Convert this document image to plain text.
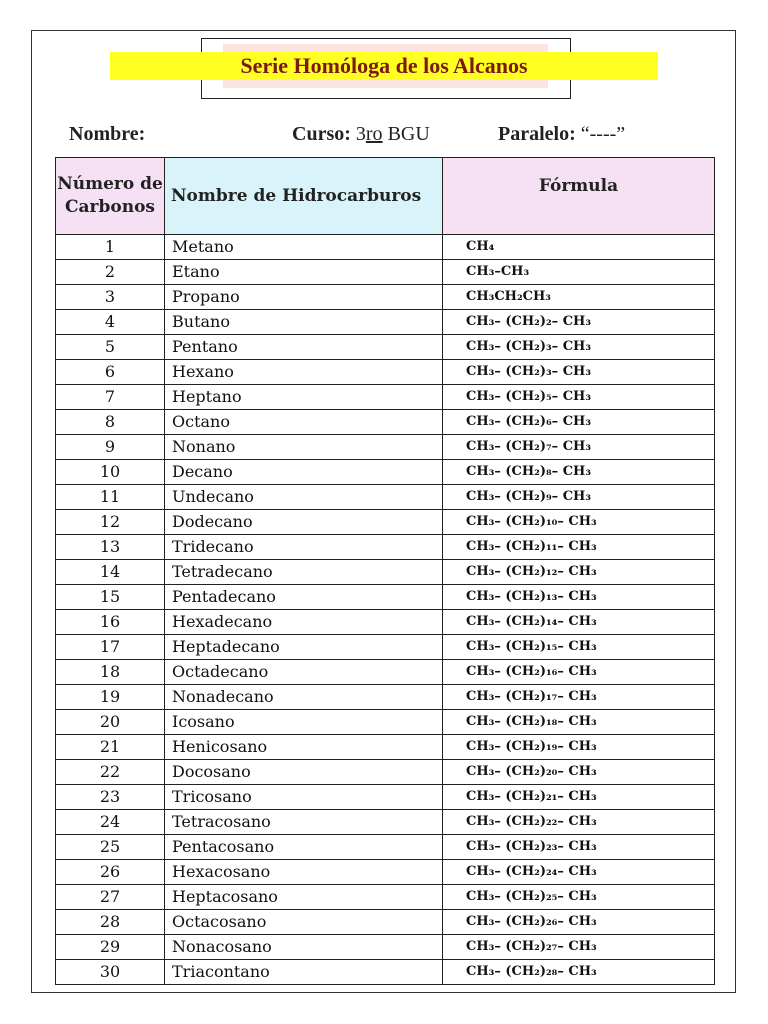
Serie Homóloga de los Alcanos
Nombre:	Curso: 3ro BGU	Paralelo: “----”
Número de Carbonos	Nombre de Hidrocarburos	Fórmula
1	Metano	CH₄
2	Etano	CH₃–CH₃
3	Propano	CH₃CH₂CH₃
4	Butano	CH₃– (CH₂)₂– CH₃
5	Pentano	CH₃– (CH₂)₃– CH₃
6	Hexano	CH₃– (CH₂)₃– CH₃
7	Heptano	CH₃– (CH₂)₅– CH₃
8	Octano	CH₃– (CH₂)₆– CH₃
9	Nonano	CH₃– (CH₂)₇– CH₃
10	Decano	CH₃– (CH₂)₈– CH₃
11	Undecano	CH₃– (CH₂)₉– CH₃
12	Dodecano	CH₃– (CH₂)₁₀– CH₃
13	Tridecano	CH₃– (CH₂)₁₁– CH₃
14	Tetradecano	CH₃– (CH₂)₁₂– CH₃
15	Pentadecano	CH₃– (CH₂)₁₃– CH₃
16	Hexadecano	CH₃– (CH₂)₁₄– CH₃
17	Heptadecano	CH₃– (CH₂)₁₅– CH₃
18	Octadecano	CH₃– (CH₂)₁₆– CH₃
19	Nonadecano	CH₃– (CH₂)₁₇– CH₃
20	Icosano	CH₃– (CH₂)₁₈– CH₃
21	Henicosano	CH₃– (CH₂)₁₉– CH₃
22	Docosano	CH₃– (CH₂)₂₀– CH₃
23	Tricosano	CH₃– (CH₂)₂₁– CH₃
24	Tetracosano	CH₃– (CH₂)₂₂– CH₃
25	Pentacosano	CH₃– (CH₂)₂₃– CH₃
26	Hexacosano	CH₃– (CH₂)₂₄– CH₃
27	Heptacosano	CH₃– (CH₂)₂₅– CH₃
28	Octacosano	CH₃– (CH₂)₂₆– CH₃
29	Nonacosano	CH₃– (CH₂)₂₇– CH₃
30	Triacontano	CH₃– (CH₂)₂₈– CH₃
